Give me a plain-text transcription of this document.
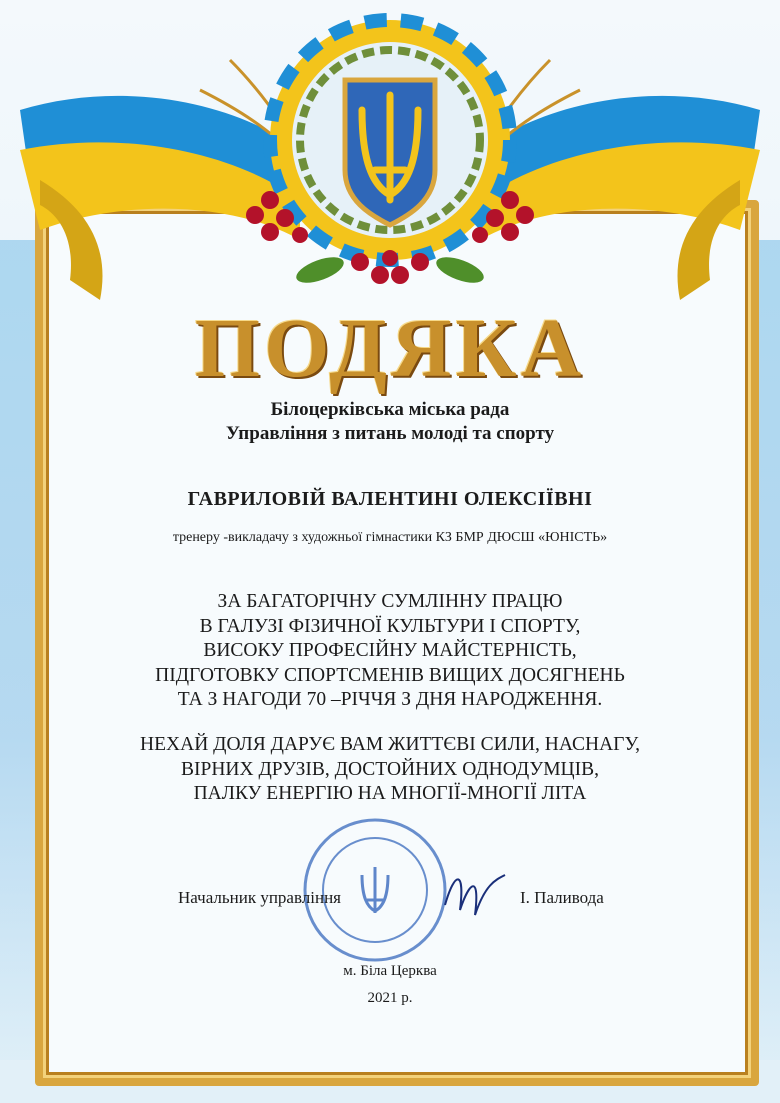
ПОДЯКА
Білоцерківська міська рада
Управління з питань молоді та спорту
ГАВРИЛОВІЙ ВАЛЕНТИНІ ОЛЕКСІЇВНІ
тренеру -викладачу з художньої гімнастики КЗ БМР ДЮСШ «ЮНІСТЬ»
ЗА БАГАТОРІЧНУ СУМЛІННУ ПРАЦЮ
В ГАЛУЗІ ФІЗИЧНОЇ КУЛЬТУРИ І СПОРТУ,
ВИСОКУ ПРОФЕСІЙНУ МАЙСТЕРНІСТЬ,
ПІДГОТОВКУ СПОРТСМЕНІВ ВИЩИХ ДОСЯГНЕНЬ
ТА З НАГОДИ 70 –РІЧЧЯ З ДНЯ НАРОДЖЕННЯ.
НЕХАЙ ДОЛЯ ДАРУЄ ВАМ ЖИТТЄВІ СИЛИ, НАСНАГУ,
ВІРНИХ ДРУЗІВ, ДОСТОЙНИХ ОДНОДУМЦІВ,
ПАЛКУ ЕНЕРГІЮ НА МНОГІЇ-МНОГІЇ ЛІТА
Начальник управління	І. Паливода
м. Біла Церква
2021 р.
